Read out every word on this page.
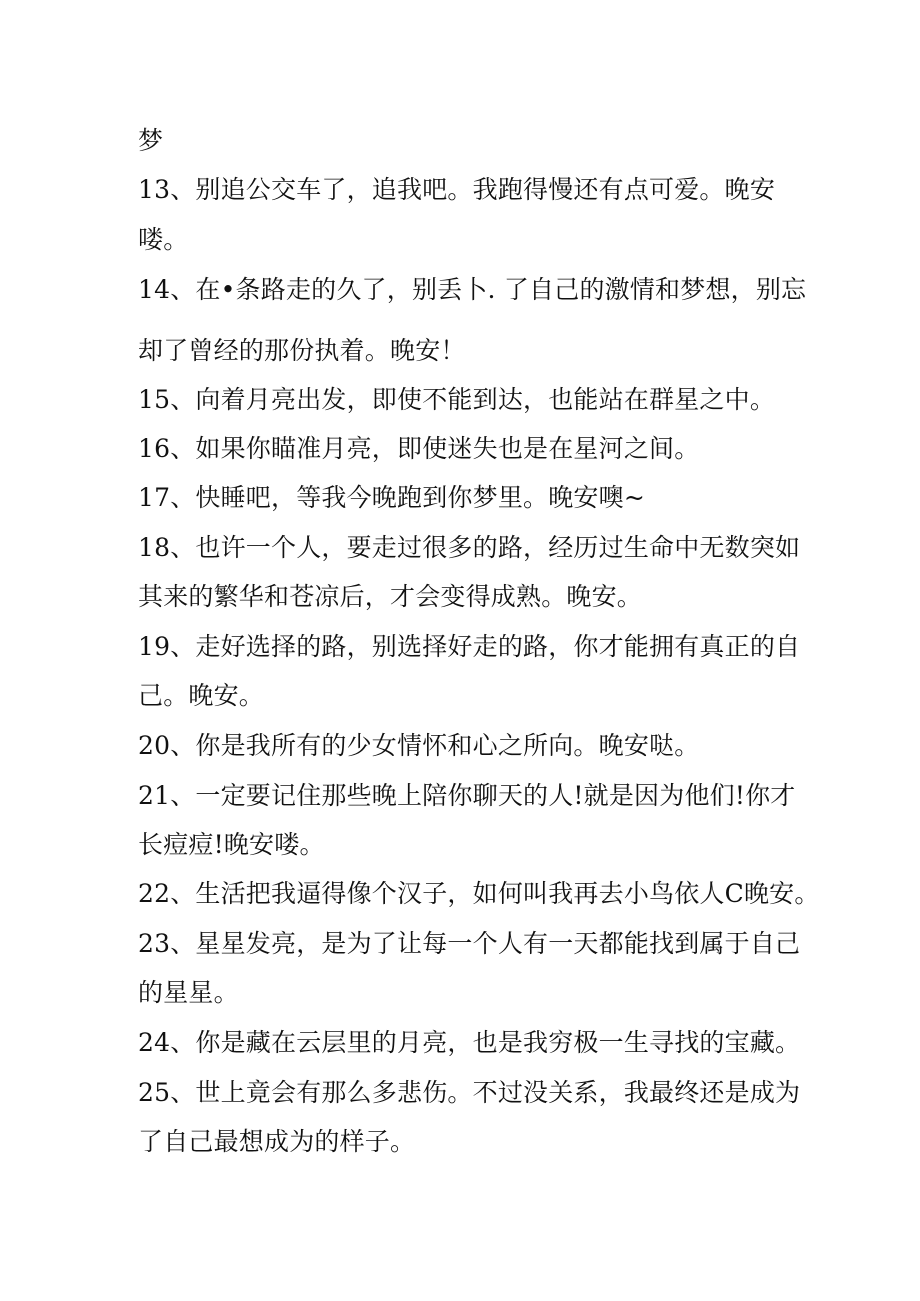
梦
13、别追公交车了，追我吧。我跑得慢还有点可爱。晚安
喽。
14、在•条路走的久了，别丢卜. 了自己的激情和梦想，别忘
却了曾经的那份执着。晚安！
15、向着月亮出发，即使不能到达，也能站在群星之中。
16、如果你瞄准月亮，即使迷失也是在星河之间。
17、快睡吧，等我今晚跑到你梦里。晚安噢~
18、也许一个人，要走过很多的路，经历过生命中无数突如
其来的繁华和苍凉后，才会变得成熟。晚安。
19、走好选择的路，别选择好走的路，你才能拥有真正的自
己。晚安。
20、你是我所有的少女情怀和心之所向。晚安哒。
21、一定要记住那些晚上陪你聊天的人!就是因为他们!你才
长痘痘!晚安喽。
22、生活把我逼得像个汉子，如何叫我再去小鸟依人C晚安。
23、星星发亮，是为了让每一个人有一天都能找到属于自己
的星星。
24、你是藏在云层里的月亮，也是我穷极一生寻找的宝藏。
25、世上竟会有那么多悲伤。不过没关系，我最终还是成为
了自己最想成为的样子。
